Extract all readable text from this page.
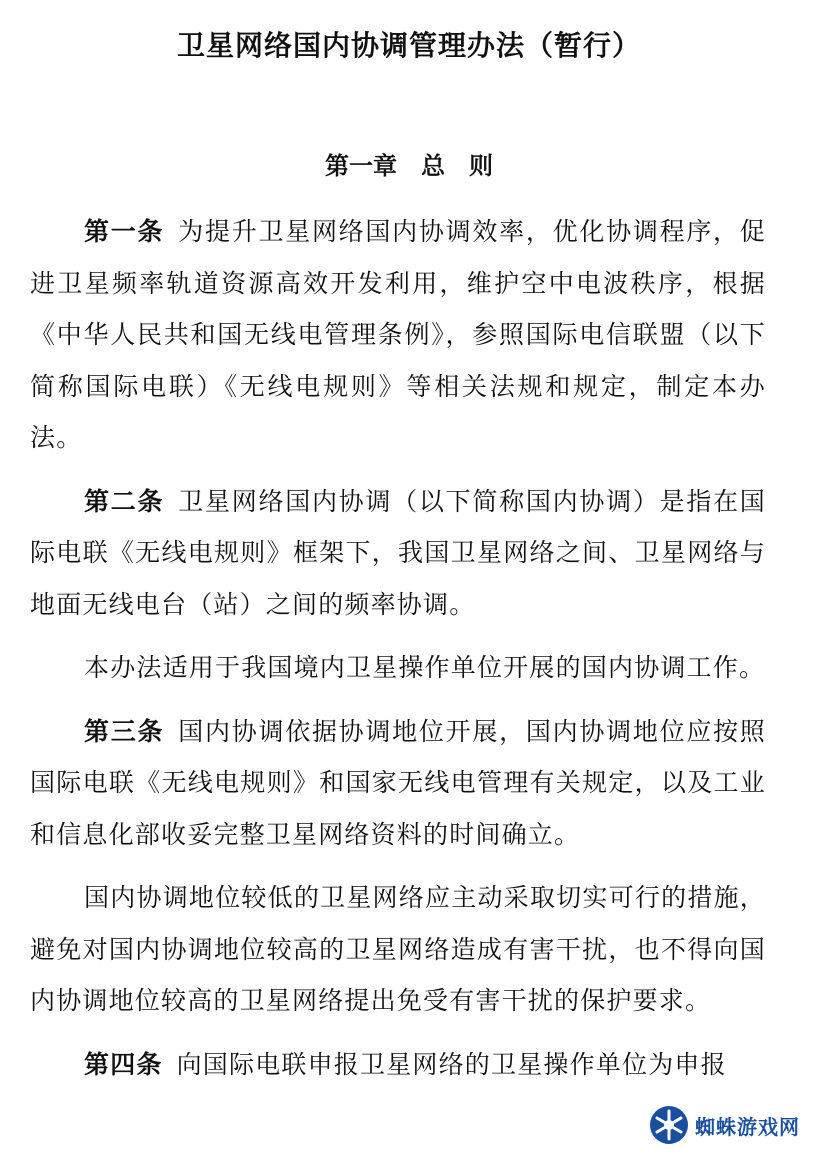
卫星网络国内协调管理办法（暂行）
第一章　总　则

第一条 为提升卫星网络国内协调效率，优化协调程序，促进卫星频率轨道资源高效开发利用，维护空中电波秩序，根据《中华人民共和国无线电管理条例》，参照国际电信联盟（以下简称国际电联）《无线电规则》等相关法规和规定，制定本办法。

第二条 卫星网络国内协调（以下简称国内协调）是指在国际电联《无线电规则》框架下，我国卫星网络之间、卫星网络与地面无线电台（站）之间的频率协调。

本办法适用于我国境内卫星操作单位开展的国内协调工作。

第三条 国内协调依据协调地位开展，国内协调地位应按照国际电联《无线电规则》和国家无线电管理有关规定，以及工业和信息化部收妥完整卫星网络资料的时间确立。

国内协调地位较低的卫星网络应主动采取切实可行的措施，避免对国内协调地位较高的卫星网络造成有害干扰，也不得向国内协调地位较高的卫星网络提出免受有害干扰的保护要求。

第四条 向国际电联申报卫星网络的卫星操作单位为申报

蜘蛛游戏网
